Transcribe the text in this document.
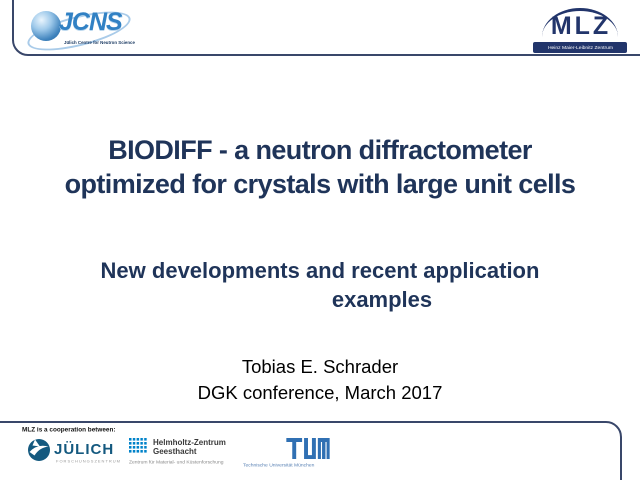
JCNS
Jülich Centre for Neutron Science
MLZ
Heinz Maier-Leibnitz Zentrum
BIODIFF - a neutron diffractometer
optimized for crystals with large unit cells
New developments and recent application
examples
Tobias E. Schrader
DGK conference, March 2017
MLZ is a cooperation between:
JÜLICH
FORSCHUNGSZENTRUM
Helmholtz-Zentrum
Geesthacht
Zentrum für Material- und Küstenforschung
Technische Universität München
